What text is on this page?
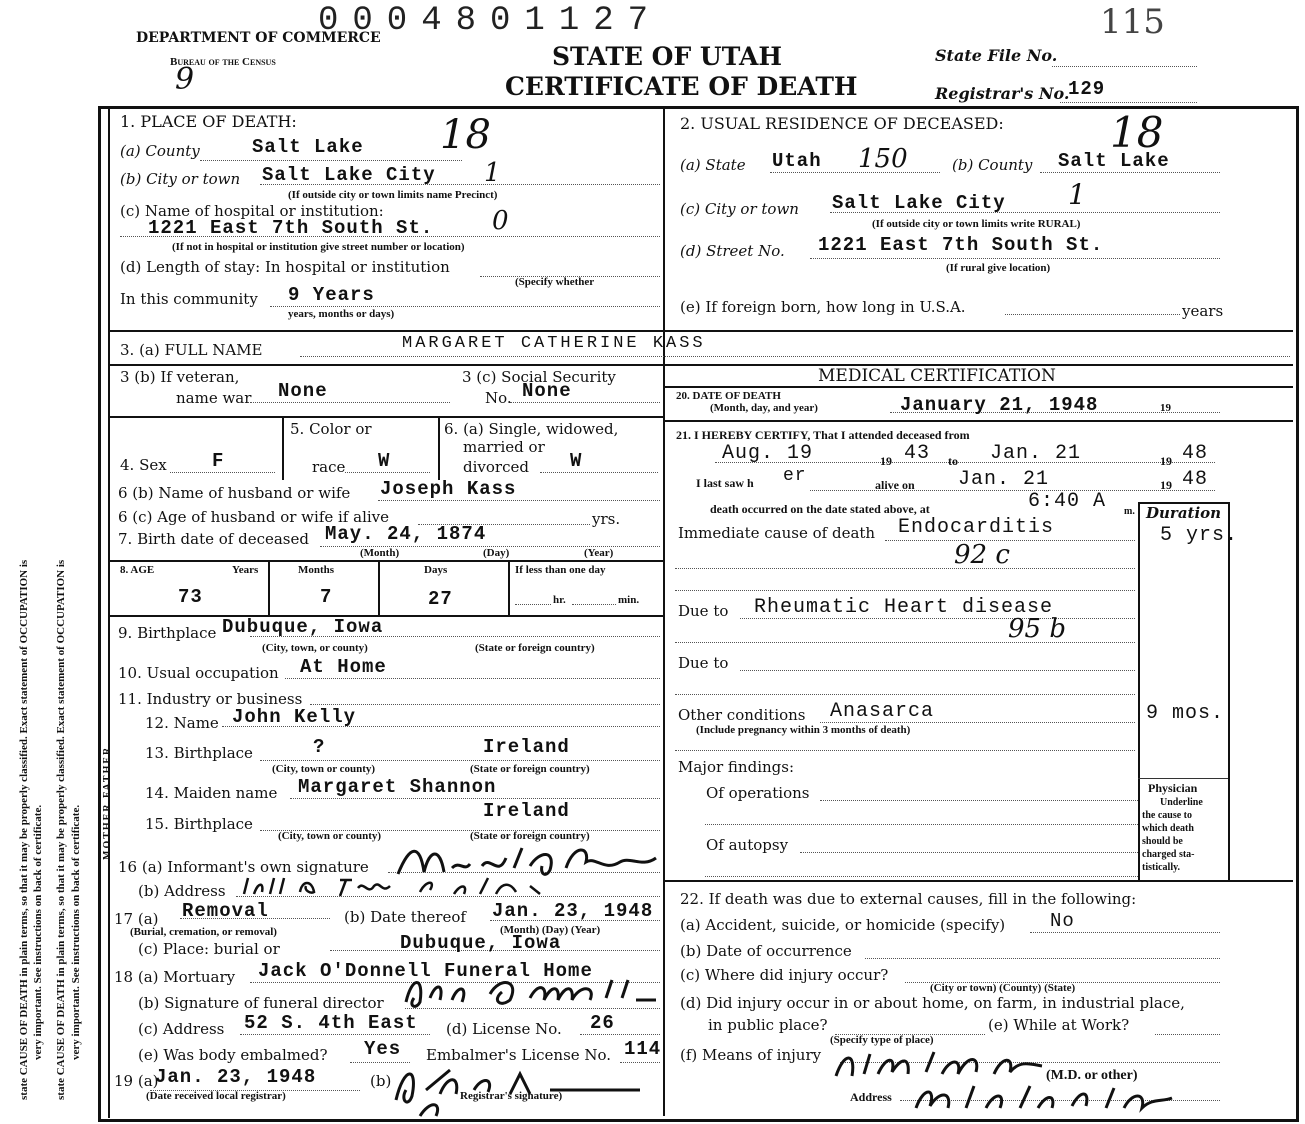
0004801127	115
DEPARTMENT OF COMMERCE
Bureau of the Census
9
STATE OF UTAH
CERTIFICATE OF DEATH
State File No.
Registrar's No.
129
state CAUSE OF DEATH in plain terms, so that it may be properly classified. Exact statement of OCCUPATION is very important. See instructions on back of certificate. state CAUSE OF DEATH in plain terms, so that it may be properly classified. Exact statement of OCCUPATION is very important. See instructions on back of certificate.
MOTHER FATHER
1. PLACE OF DEATH:
(a) County	Salt Lake 18
(b) City or town Salt Lake City 1
(If outside city or town limits name Precinct)
(c) Name of hospital or institution:
1221 East 7th South St. 0
(If not in hospital or institution give street number or location)
(d) Length of stay: In hospital or institution
(Specify whether
In this community 9 Years
years, months or days)
2. USUAL RESIDENCE OF DECEASED:
(a) State Utah 150	(b) County Salt Lake
18
(c) City or town Salt Lake City 1
(If outside city or town limits write RURAL)
(d) Street No. 1221 East 7th South St.
(If rural give location)
(e) If foreign born, how long in U.S.A.	years
3. (a) FULL NAME	MARGARET CATHERINE KASS
3 (b) If veteran,
name war None
3 (c) Social Security
No. None
4. Sex F
5. Color or
race W
6. (a) Single, widowed,
married or
divorced W
6 (b) Name of husband or wife Joseph Kass
6 (c) Age of husband or wife if alive	yrs.
7. Birth date of deceased May. 24, 1874
(Month)	(Day)	(Year)
8. AGE	Years	Months	Days	If less than one day
73	7	27	hr.	min.
9. Birthplace Dubuque, Iowa
(City, town, or county)	(State or foreign country)
10. Usual occupation At Home
11. Industry or business
12. Name John Kelly
13. Birthplace	?	Ireland
(City, town or county)	(State or foreign country)
14. Maiden name Margaret Shannon
15. Birthplace
Ireland
(City, town or county)	(State or foreign country)
16 (a) Informant's own signature
(b) Address
17 (a) Removal
(Burial, cremation, or removal)
(b) Date thereof Jan. 23, 1948
(Month) (Day) (Year)
(c) Place: burial or	Dubuque, Iowa
18 (a) Mortuary Jack O'Donnell Funeral Home
(b) Signature of funeral director
(c) Address 52 S. 4th East (d) License No. 26
(e) Was body embalmed? Yes Embalmer's License No. 114
19 (a)
Jan. 23, 1948
(Date received local registrar)
(b)
Registrar's signature)
MEDICAL CERTIFICATION
20. DATE OF DEATH
(Month, day, and year)	January 21, 1948	19
21. I HEREBY CERTIFY, That I attended deceased from
Aug. 19	19 43 to Jan. 21	19 48
I last saw h er	alive on Jan. 21	19 48
death occurred on the date stated above, at	6:40 A m. Duration
Immediate cause of death Endocarditis	5 yrs.
92 c
Due to Rheumatic Heart disease
95 b
Due to
Other conditions Anasarca	9 mos.
(Include pregnancy within 3 months of death)
Major findings:
Of operations
Of autopsy
Physician
Underline
the cause to
which death
should be
charged sta-
tistically.
22. If death was due to external causes, fill in the following:
(a) Accident, suicide, or homicide (specify) No
(b) Date of occurrence
(c) Where did injury occur?
(City or town) (County) (State)
(d) Did injury occur in or about home, on farm, in industrial place,
in public place?
(Specify type of place)
(e) While at Work?
(f) Means of injury
(M.D. or other)
Address
